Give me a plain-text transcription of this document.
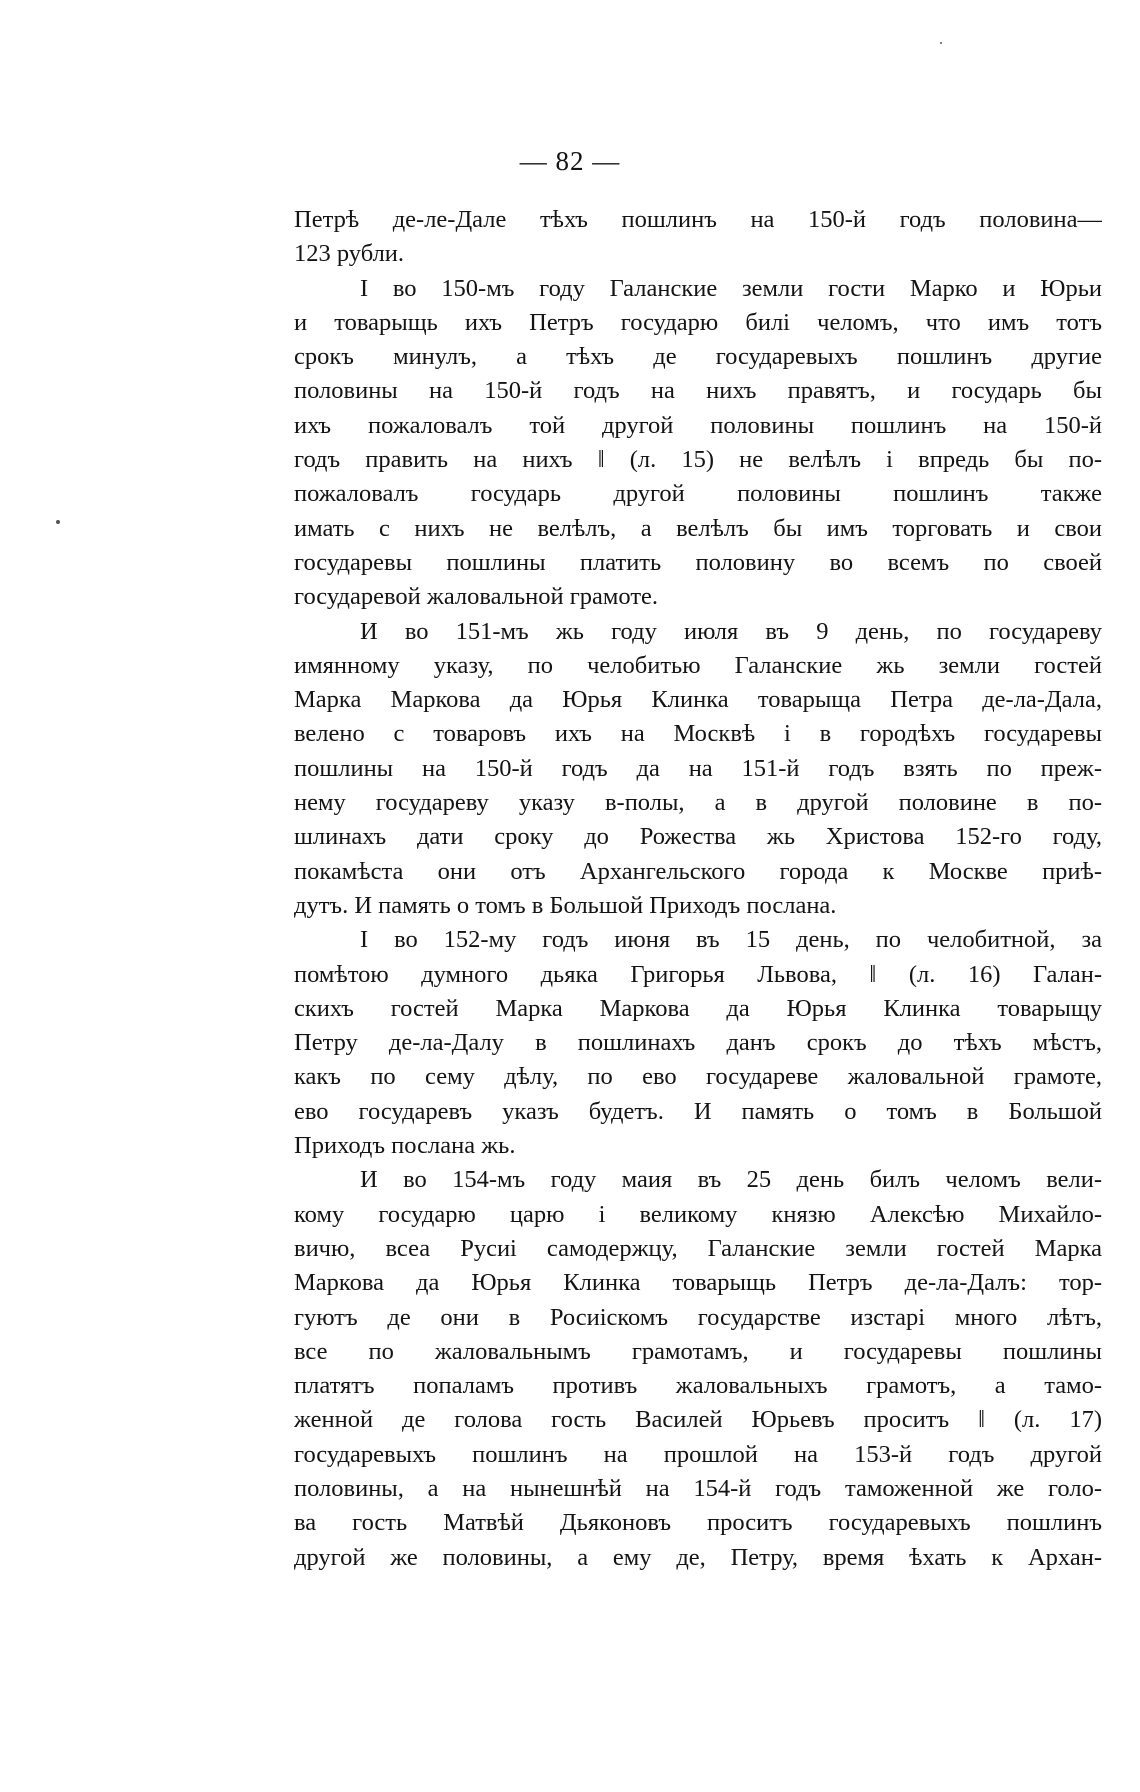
— 82 —

Петрѣ де-ле-Дале тѣхъ пошлинъ на 150-й годъ половина—
123 рубли.
І во 150-мъ году Галанские земли гости Марко и Юрьи
и товарыщь ихъ Петръ государю билі челомъ, что имъ тотъ
срокъ минулъ, а тѣхъ де государевыхъ пошлинъ другие
половины на 150-й годъ на нихъ правятъ, и государь бы
ихъ пожаловалъ той другой половины пошлинъ на 150-й
годъ править на нихъ ‖ (л. 15) не велѣлъ і впредь бы по-
пожаловалъ государь другой половины пошлинъ также
имать с нихъ не велѣлъ, а велѣлъ бы имъ торговать и свои
государевы пошлины платить половину во всемъ по своей
государевой жаловальной грамоте.
И во 151-мъ жь году июля въ 9 день, по государеву
имянному указу, по челобитью Галанские жь земли гостей
Марка Маркова да Юрья Клинка товарыща Петра де-ла-Дала,
велено с товаровъ ихъ на Москвѣ і в городѣхъ государевы
пошлины на 150-й годъ да на 151-й годъ взять по преж-
нему государеву указу в-полы, а в другой половине в по-
шлинахъ дати сроку до Рожества жь Христова 152-го году,
покамѣста они отъ Архангельского города к Москве приѣ-
дутъ. И память о томъ в Большой Приходъ послана.
І во 152-му годъ июня въ 15 день, по челобитной, за
помѣтою думного дьяка Григорья Львова, ‖ (л. 16) Галан-
скихъ гостей Марка Маркова да Юрья Клинка товарыщу
Петру де-ла-Далу в пошлинахъ данъ срокъ до тѣхъ мѣстъ,
какъ по сему дѣлу, по ево государеве жаловальной грамоте,
ево государевъ указъ будетъ. И память о томъ в Большой
Приходъ послана жь.
И во 154-мъ году маия въ 25 день билъ челомъ вели-
кому государю царю і великому князю Алексѣю Михайло-
вичю, всеа Русиі самодержцу, Галанские земли гостей Марка
Маркова да Юрья Клинка товарыщь Петръ де-ла-Далъ: тор-
гуютъ де они в Росиіскомъ государстве изстарі много лѣтъ,
все по жаловальнымъ грамотамъ, и государевы пошлины
платятъ попаламъ противъ жаловальныхъ грамотъ, а тамо-
женной де голова гость Василей Юрьевъ проситъ ‖ (л. 17)
государевыхъ пошлинъ на прошлой на 153-й годъ другой
половины, а на нынешнѣй на 154-й годъ таможенной же голо-
ва гость Матвѣй Дьяконовъ проситъ государевыхъ пошлинъ
другой же половины, а ему де, Петру, время ѣхать к Архан-
